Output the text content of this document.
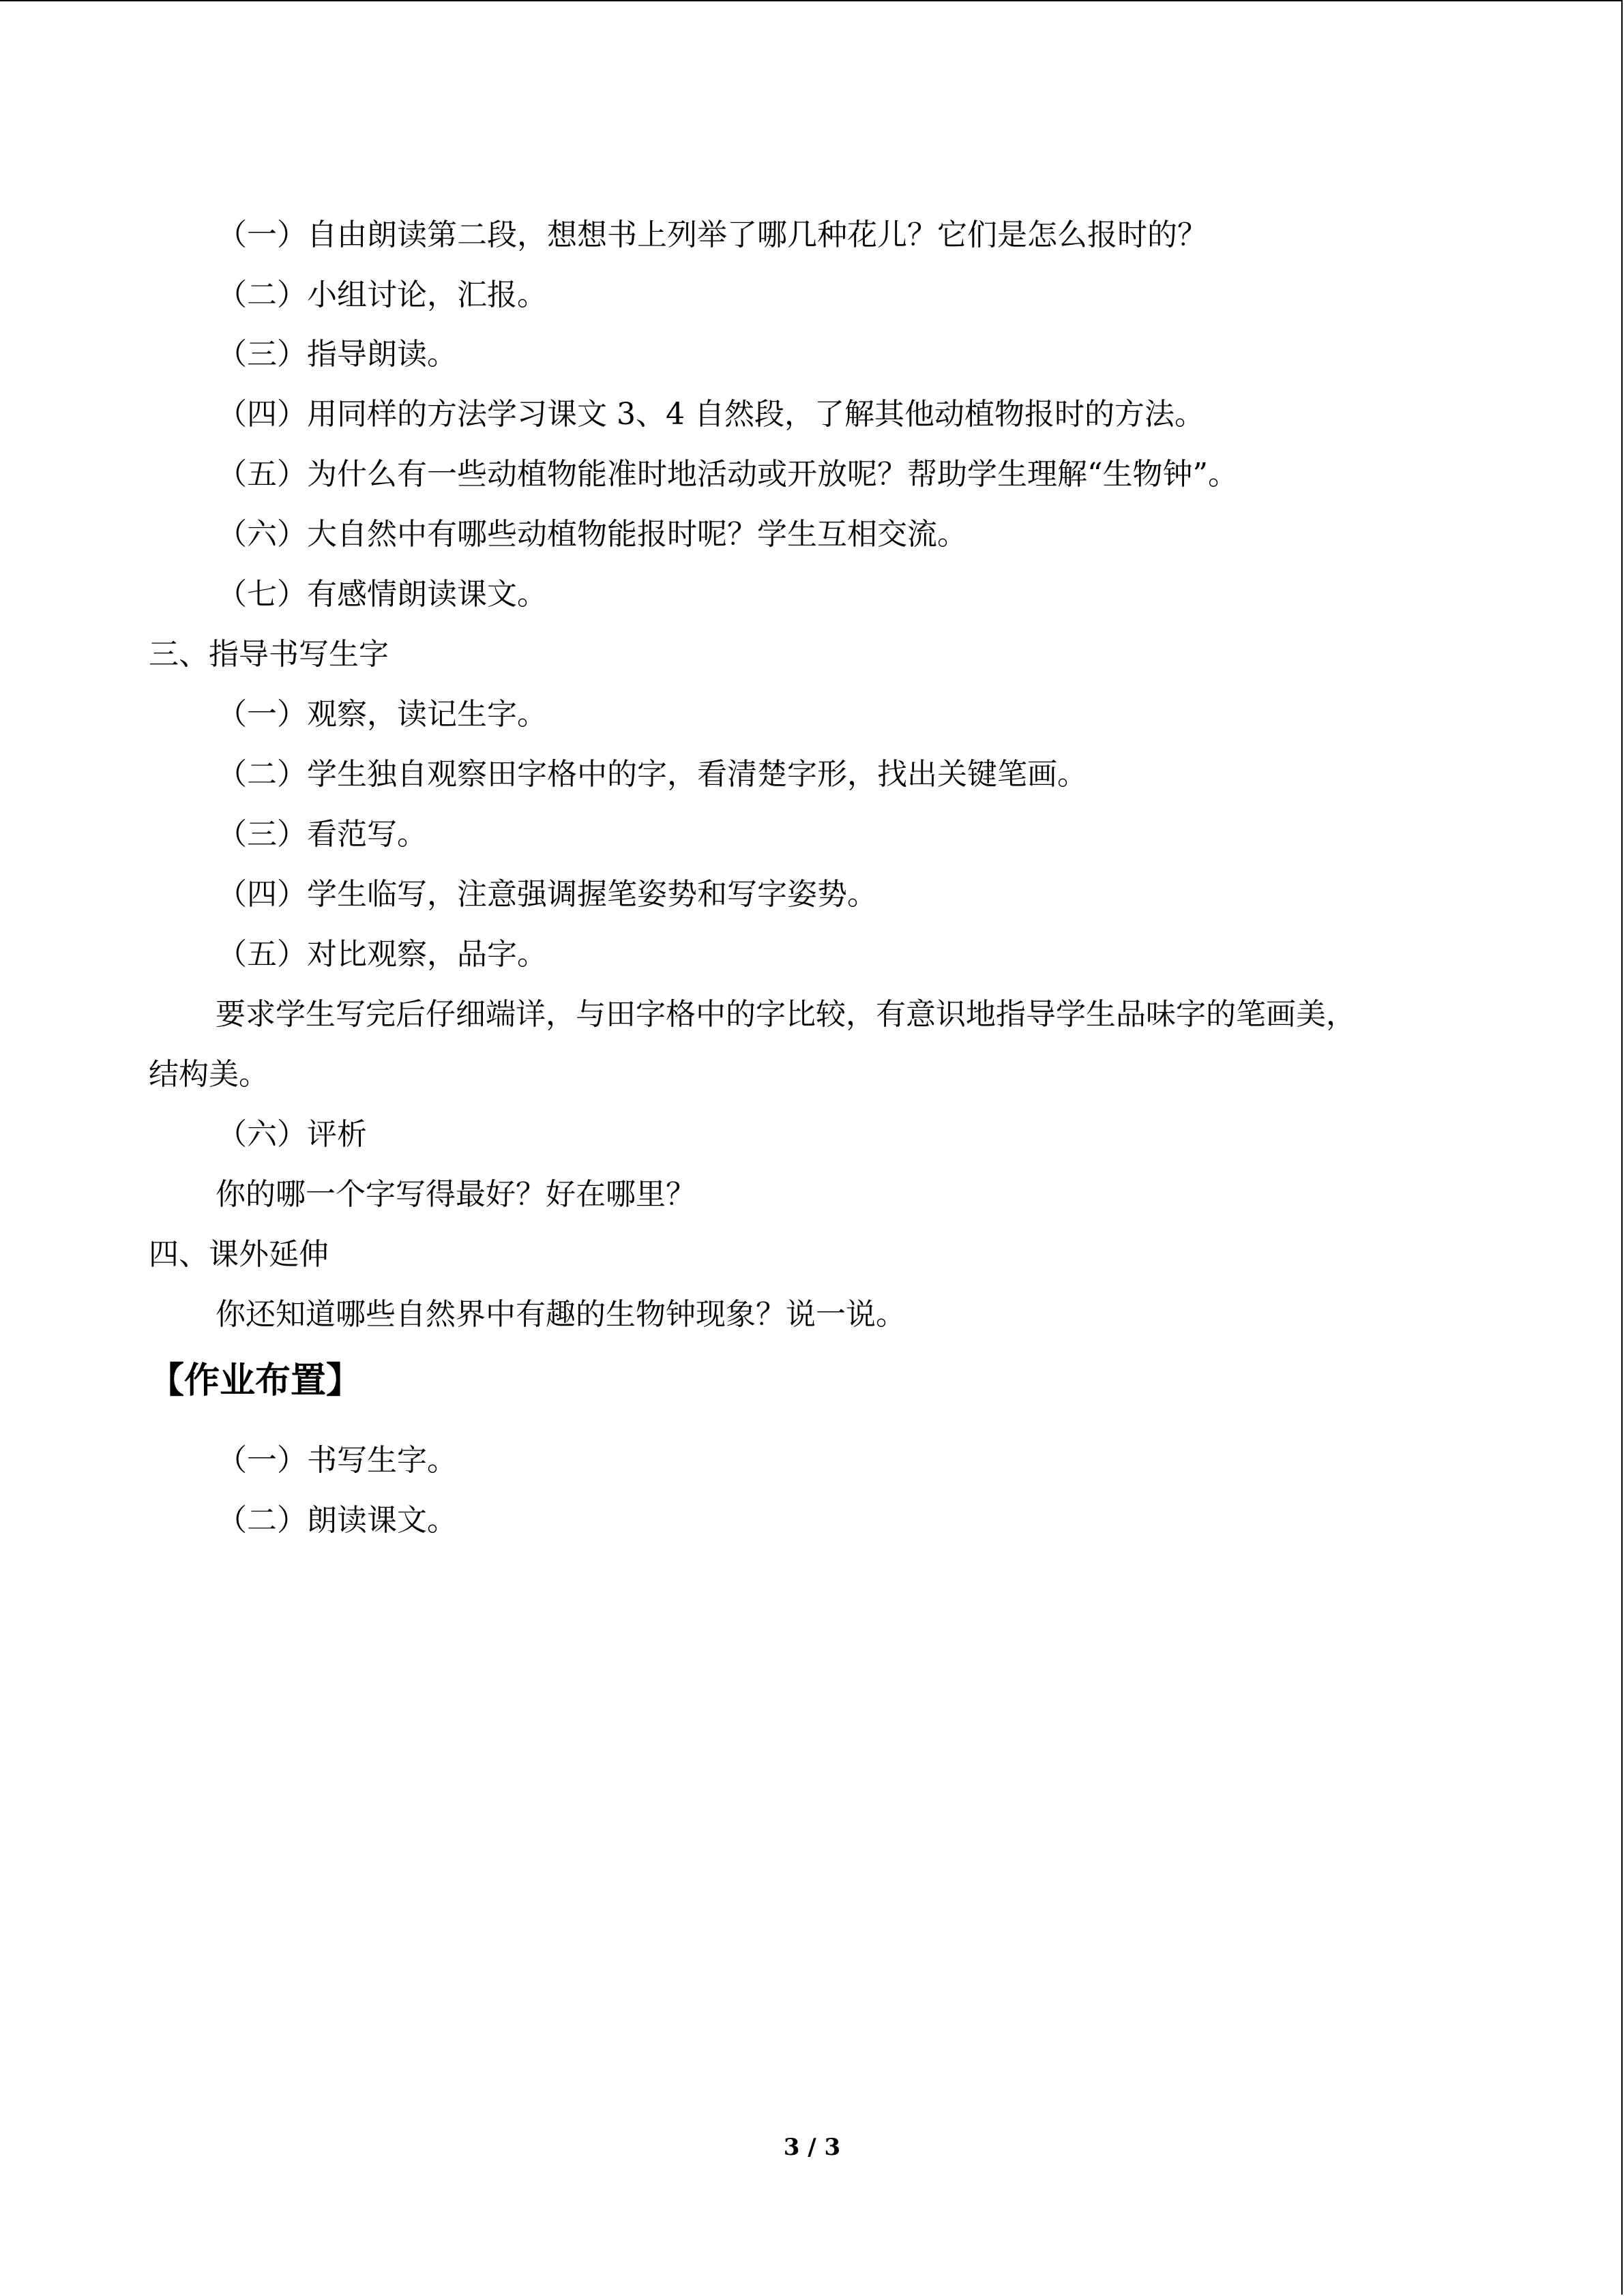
（一）自由朗读第二段，想想书上列举了哪几种花儿？它们是怎么报时的？
（二）小组讨论，汇报。
（三）指导朗读。
（四）用同样的方法学习课文 3、4 自然段，了解其他动植物报时的方法。
（五）为什么有一些动植物能准时地活动或开放呢？帮助学生理解“生物钟”。
（六）大自然中有哪些动植物能报时呢？学生互相交流。
（七）有感情朗读课文。
三、指导书写生字
（一）观察，读记生字。
（二）学生独自观察田字格中的字，看清楚字形，找出关键笔画。
（三）看范写。
（四）学生临写，注意强调握笔姿势和写字姿势。
（五）对比观察，品字。
要求学生写完后仔细端详，与田字格中的字比较，有意识地指导学生品味字的笔画美，
结构美。
（六）评析
你的哪一个字写得最好？好在哪里？
四、课外延伸
你还知道哪些自然界中有趣的生物钟现象？说一说。
【作业布置】
（一）书写生字。
（二）朗读课文。
3 / 3
